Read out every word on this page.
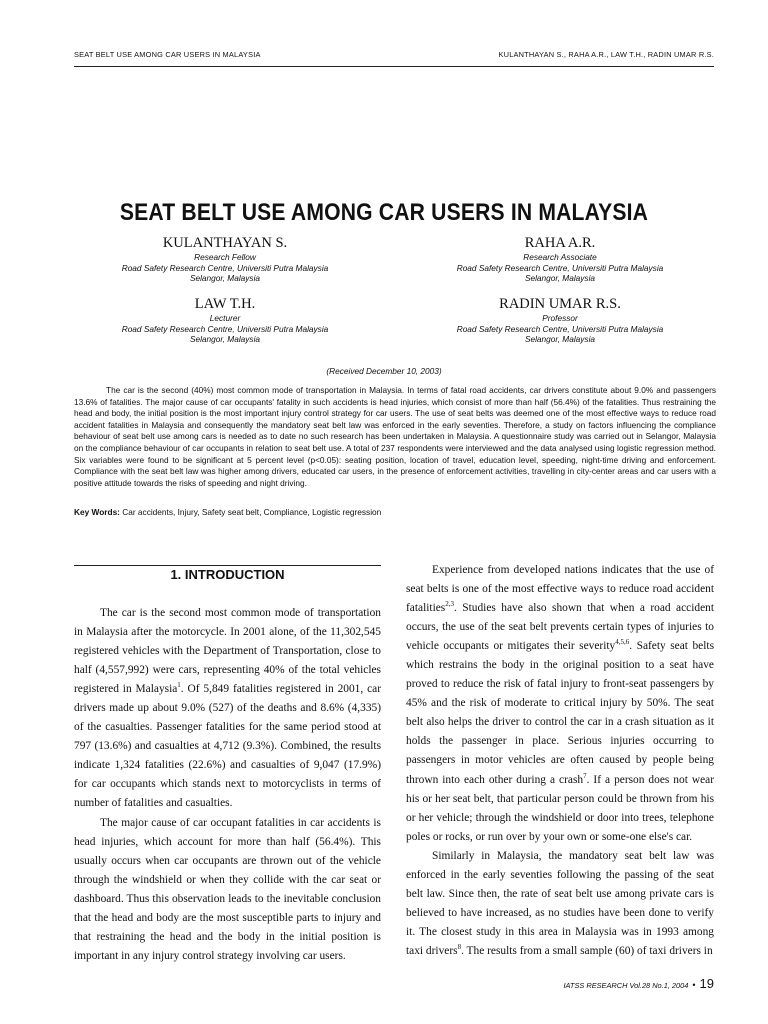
SEAT BELT USE AMONG CAR USERS IN MALAYSIA	KULANTHAYAN S., RAHA A.R., LAW T.H., RADIN UMAR R.S.
SEAT BELT USE AMONG CAR USERS IN MALAYSIA
KULANTHAYAN S.
Research Fellow
Road Safety Research Centre, Universiti Putra Malaysia
Selangor, Malaysia
RAHA A.R.
Research Associate
Road Safety Research Centre, Universiti Putra Malaysia
Selangor, Malaysia
LAW T.H.
Lecturer
Road Safety Research Centre, Universiti Putra Malaysia
Selangor, Malaysia
RADIN UMAR R.S.
Professor
Road Safety Research Centre, Universiti Putra Malaysia
Selangor, Malaysia
(Received December 10, 2003)

The car is the second (40%) most common mode of transportation in Malaysia. In terms of fatal road accidents, car drivers constitute about 9.0% and passengers 13.6% of fatalities. The major cause of car occupants' fatality in such accidents is head injuries, which consist of more than half (56.4%) of the fatalities. Thus restraining the head and body, the initial position is the most important injury control strategy for car users. The use of seat belts was deemed one of the most effective ways to reduce road accident fatalities in Malaysia and consequently the mandatory seat belt law was enforced in the early seventies. Therefore, a study on factors influencing the compliance behaviour of seat belt use among cars is needed as to date no such research has been undertaken in Malaysia. A questionnaire study was carried out in Selangor, Malaysia on the compliance behaviour of car occupants in relation to seat belt use. A total of 237 respondents were interviewed and the data analysed using logistic regression method. Six variables were found to be significant at 5 percent level (p<0.05): seating position, location of travel, education level, speeding, night-time driving and enforcement. Compliance with the seat belt law was higher among drivers, educated car users, in the presence of enforcement activities, travelling in city-center areas and car users with a positive attitude towards the risks of speeding and night driving.

Key Words: Car accidents, Injury, Safety seat belt, Compliance, Logistic regression
1. INTRODUCTION

The car is the second most common mode of transportation in Malaysia after the motorcycle. In 2001 alone, of the 11,302,545 registered vehicles with the Department of Transportation, close to half (4,557,992) were cars, representing 40% of the total vehicles registered in Malaysia$^1$. Of 5,849 fatalities registered in 2001, car drivers made up about 9.0% (527) of the deaths and 8.6% (4,335) of the casualties. Passenger fatalities for the same period stood at 797 (13.6%) and casualties at 4,712 (9.3%). Combined, the results indicate 1,324 fatalities (22.6%) and casualties of 9,047 (17.9%) for car occupants which stands next to motorcyclists in terms of number of fatalities and casualties.

The major cause of car occupant fatalities in car accidents is head injuries, which account for more than half (56.4%). This usually occurs when car occupants are thrown out of the vehicle through the windshield or when they collide with the car seat or dashboard. Thus this observation leads to the inevitable conclusion that the head and body are the most susceptible parts to injury and that restraining the head and the body in the initial position is important in any injury control strategy involving car users.

Experience from developed nations indicates that the use of seat belts is one of the most effective ways to reduce road accident fatalities$^{2,3}$. Studies have also shown that when a road accident occurs, the use of the seat belt prevents certain types of injuries to vehicle occupants or mitigates their severity$^{4,5,6}$. Safety seat belts which restrains the body in the original position to a seat have proved to reduce the risk of fatal injury to front-seat passengers by 45% and the risk of moderate to critical injury by 50%. The seat belt also helps the driver to control the car in a crash situation as it holds the passenger in place. Serious injuries occurring to passengers in motor vehicles are often caused by people being thrown into each other during a crash$^7$. If a person does not wear his or her seat belt, that particular person could be thrown from his or her vehicle; through the windshield or door into trees, telephone poles or rocks, or run over by your own or some-one else's car.

Similarly in Malaysia, the mandatory seat belt law was enforced in the early seventies following the passing of the seat belt law. Since then, the rate of seat belt use among private cars is believed to have increased, as no studies have been done to verify it. The closest study in this area in Malaysia was in 1993 among taxi drivers$^8$. The results from a small sample (60) of taxi drivers in

IATSS RESEARCH Vol.28 No.1, 2004 • 19
